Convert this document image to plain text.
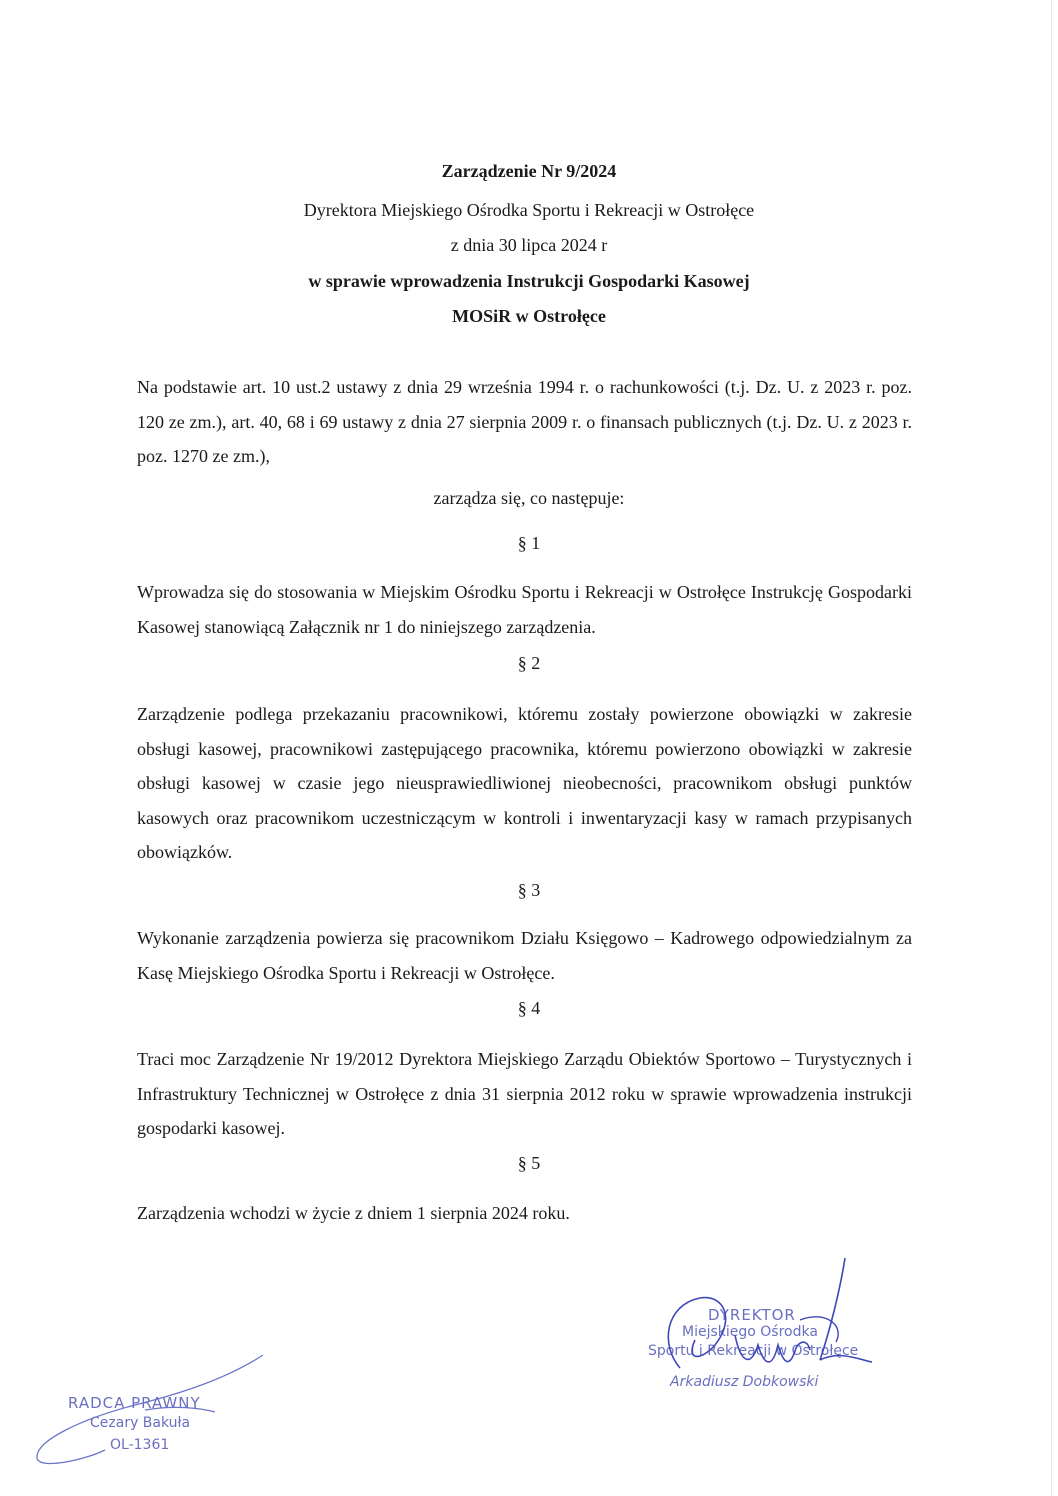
Zarządzenie Nr 9/2024
Dyrektora Miejskiego Ośrodka Sportu i Rekreacji w Ostrołęce
z dnia 30 lipca 2024 r
w sprawie wprowadzenia Instrukcji Gospodarki Kasowej
MOSiR w Ostrołęce
Na podstawie art. 10 ust.2 ustawy z dnia 29 września 1994 r. o rachunkowości (t.j. Dz. U. z 2023 r. poz. 120 ze zm.), art. 40, 68 i 69 ustawy z dnia 27 sierpnia 2009 r. o finansach publicznych (t.j. Dz. U. z 2023 r. poz. 1270 ze zm.),
zarządza się, co następuje:
§ 1
Wprowadza się do stosowania w Miejskim Ośrodku Sportu i Rekreacji w Ostrołęce Instrukcję Gospodarki Kasowej stanowiącą Załącznik nr 1 do niniejszego zarządzenia.
§ 2
Zarządzenie podlega przekazaniu pracownikowi, któremu zostały powierzone obowiązki w zakresie obsługi kasowej, pracownikowi zastępującego pracownika, któremu powierzono obowiązki w zakresie obsługi kasowej w czasie jego nieusprawiedliwionej nieobecności, pracownikom obsługi punktów kasowych oraz pracownikom uczestniczącym w kontroli i inwentaryzacji kasy w ramach przypisanych obowiązków.
§ 3
Wykonanie zarządzenia powierza się pracownikom Działu Księgowo – Kadrowego odpowiedzialnym za Kasę Miejskiego Ośrodka Sportu i Rekreacji w Ostrołęce.
§ 4
Traci moc Zarządzenie Nr 19/2012 Dyrektora Miejskiego Zarządu Obiektów Sportowo – Turystycznych i Infrastruktury Technicznej w Ostrołęce z dnia 31 sierpnia 2012 roku w sprawie wprowadzenia instrukcji gospodarki kasowej.
§ 5
Zarządzenia wchodzi w życie z dniem 1 sierpnia 2024 roku.
DYREKTOR
Miejskiego Ośrodka
Sportu i Rekreacji w Ostrołęce
Arkadiusz Dobkowski
RADCA PRAWNY
Cezary Bakuła
OL-1361
